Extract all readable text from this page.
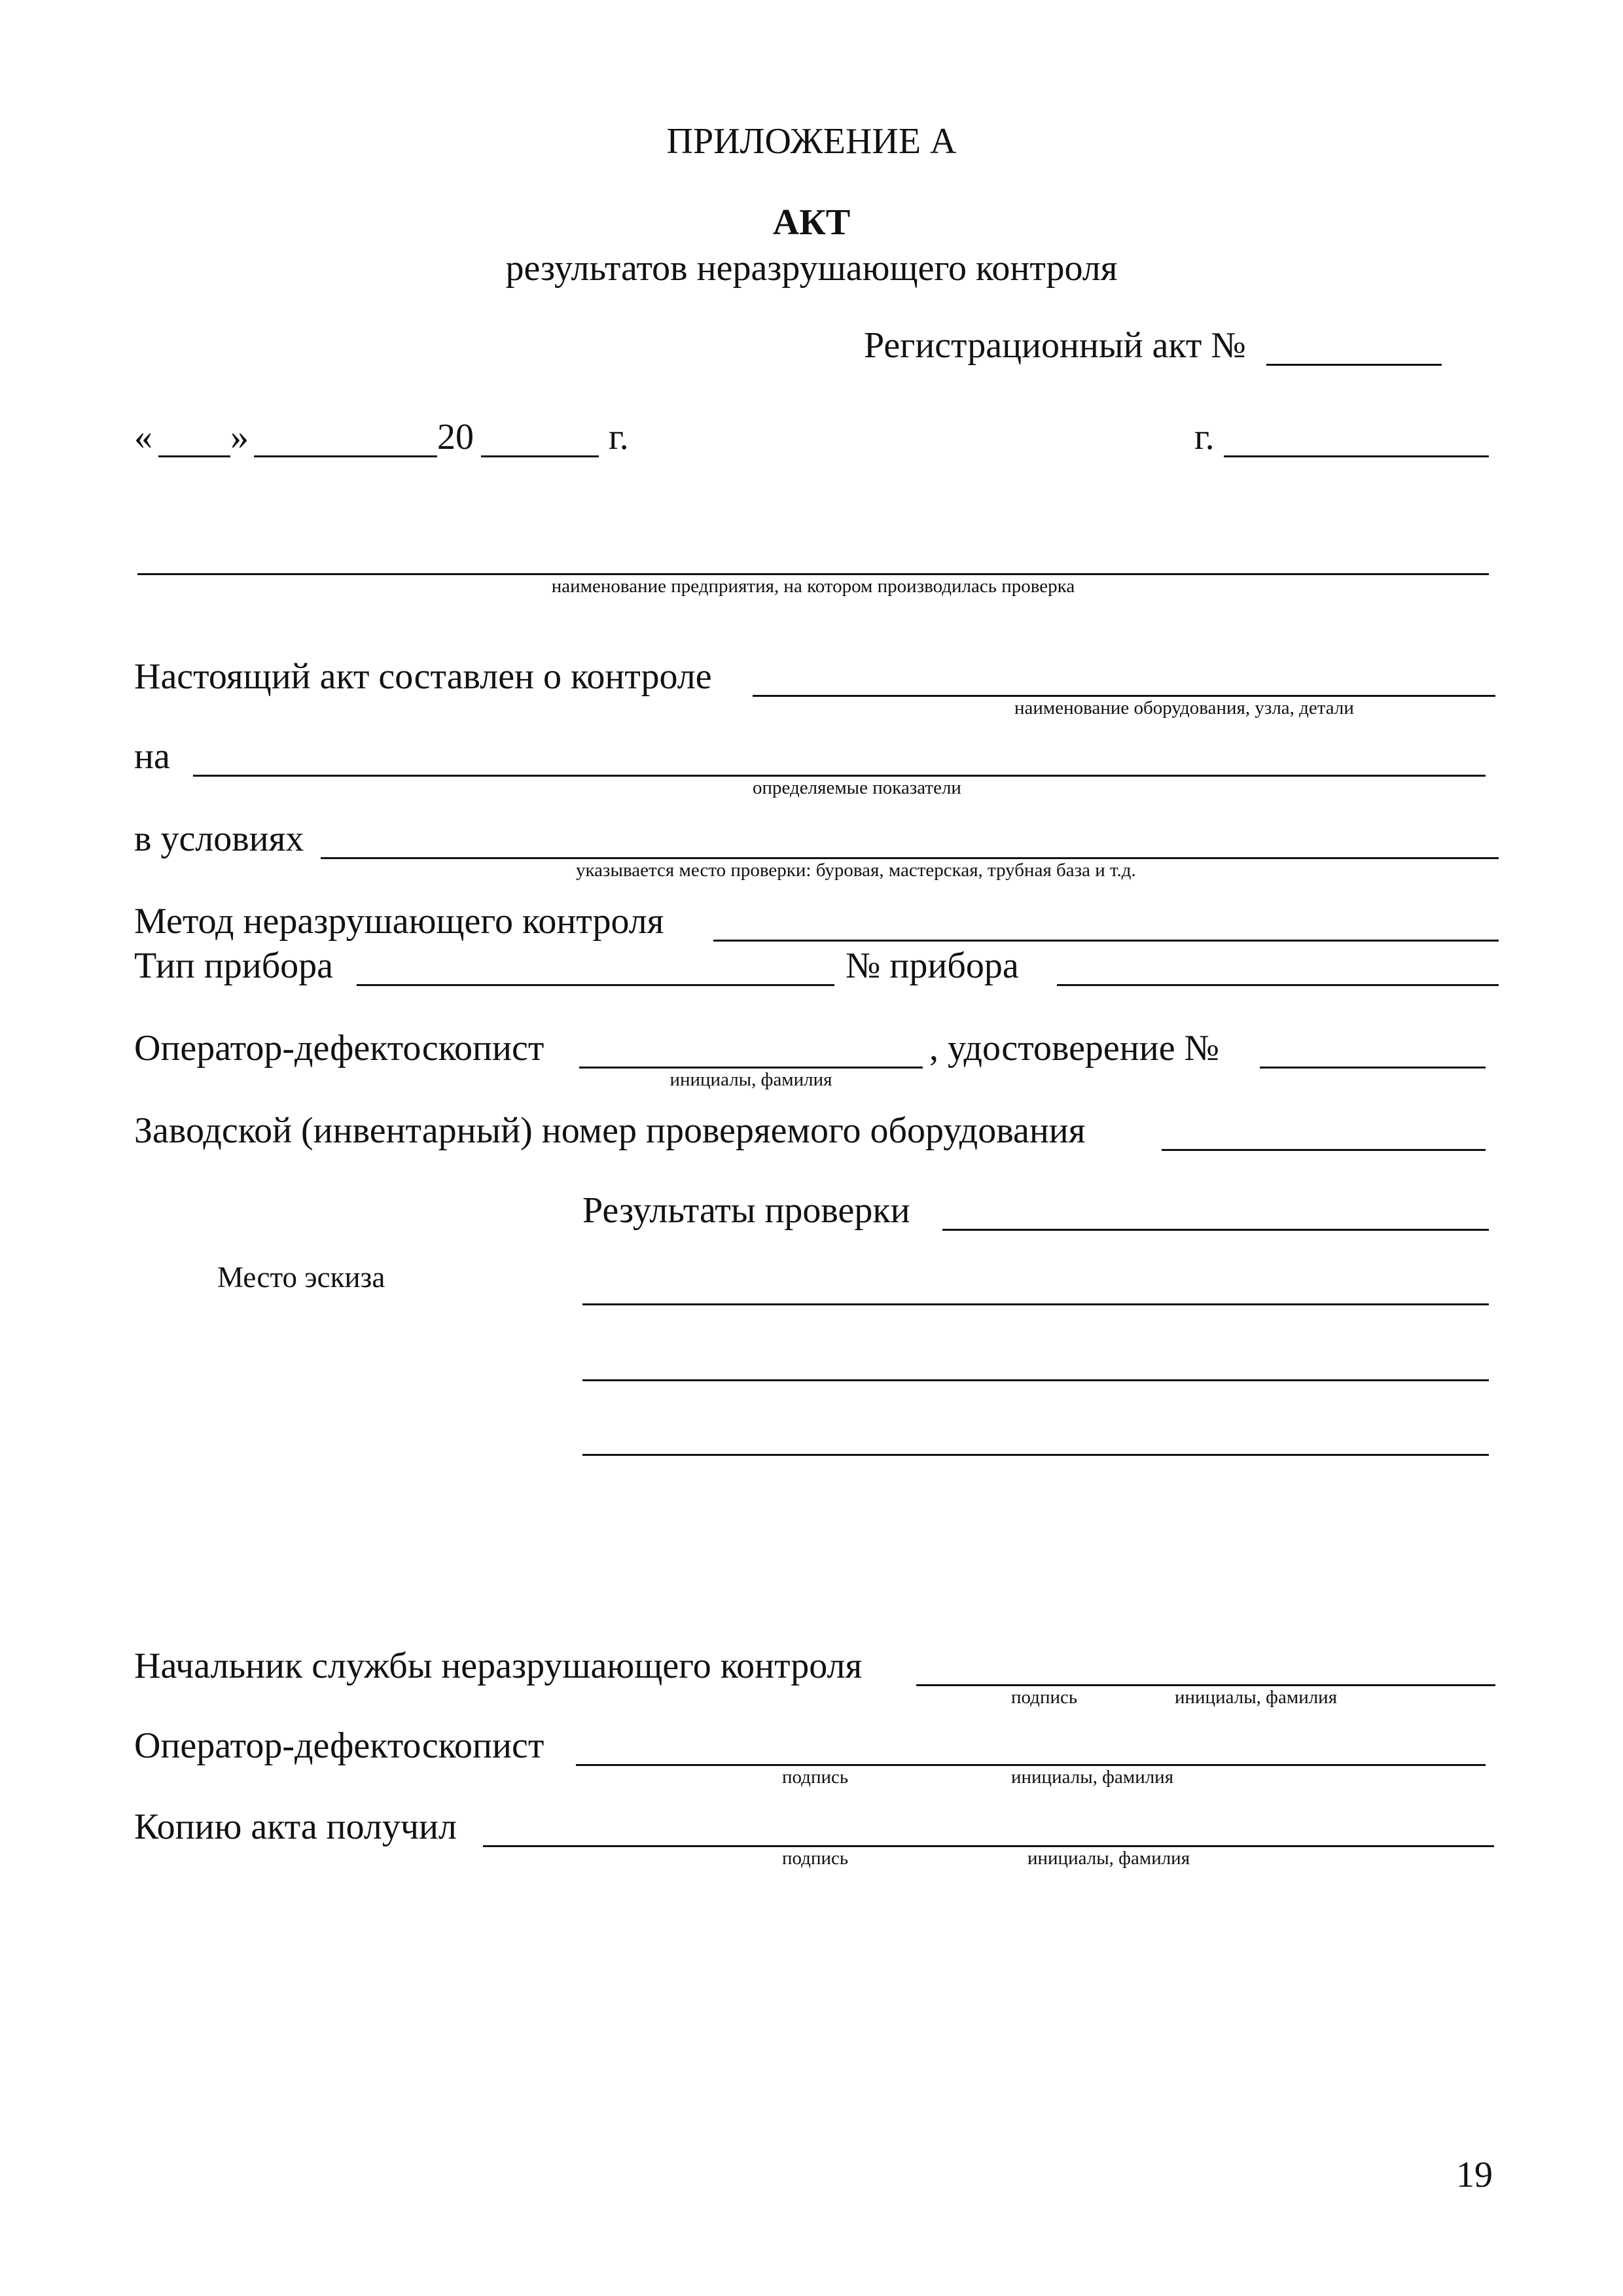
ПРИЛОЖЕНИЕ А
АКТ
результатов неразрушающего контроля
Регистрационный акт №
« »	20	г.	г.
наименование предприятия, на котором производилась проверка
Настоящий акт составлен о контроле
наименование оборудования, узла, детали
на
определяемые показатели
в условиях
указывается место проверки: буровая, мастерская, трубная база и т.д.
Метод неразрушающего контроля
Тип прибора	№ прибора
Оператор-дефектоскопист
инициалы, фамилия
, удостоверение №
Заводской (инвентарный) номер проверяемого оборудования
Результаты проверки
Место эскиза
Начальник службы неразрушающего контроля
подпись	инициалы, фамилия
Оператор-дефектоскопист
подпись	инициалы, фамилия
Копию акта получил
подпись	инициалы, фамилия
19
